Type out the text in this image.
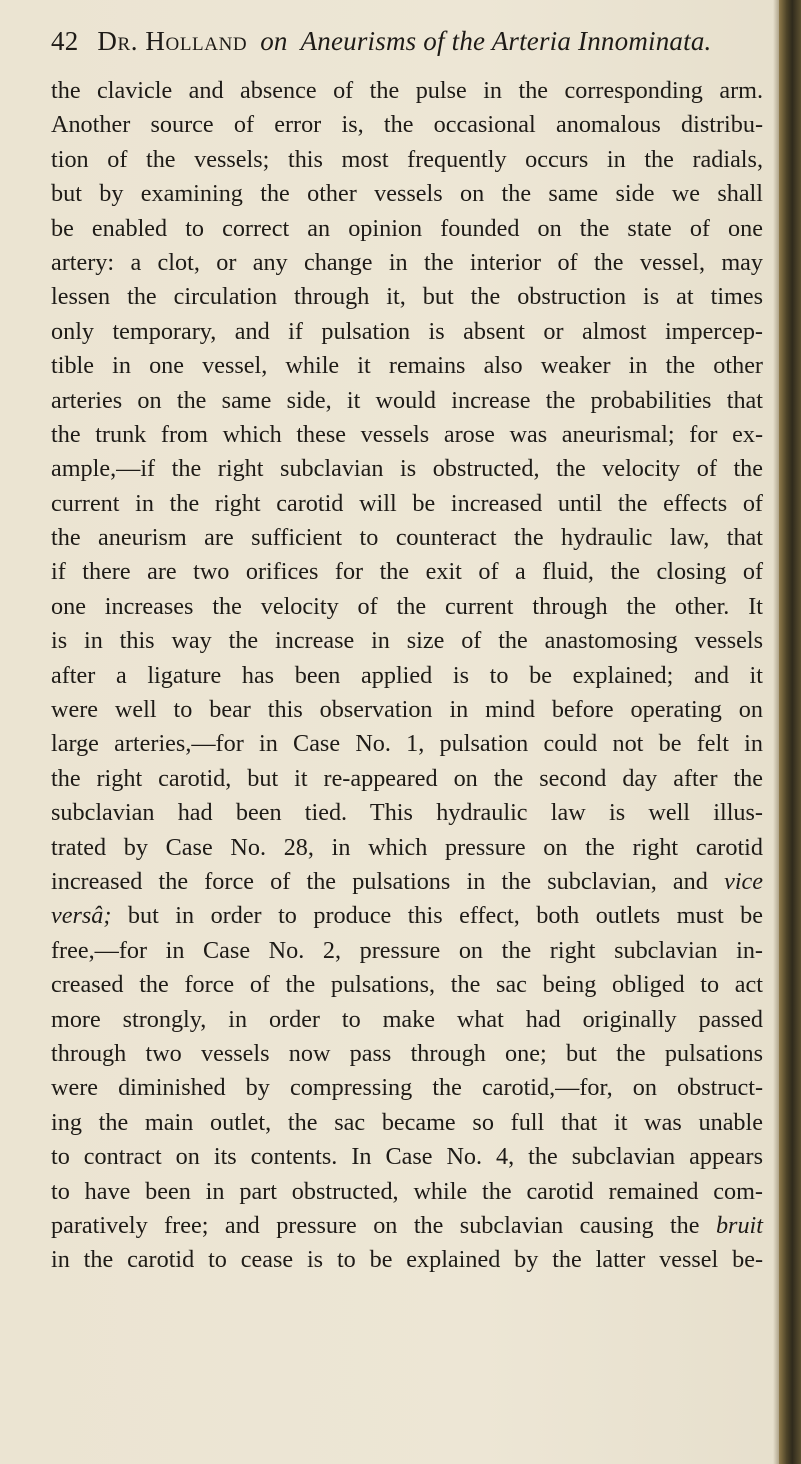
42 Dr. Holland on Aneurisms of the Arteria Innominata.
the clavicle and absence of the pulse in the corresponding arm.
Another source of error is, the occasional anomalous distribu-
tion of the vessels; this most frequently occurs in the radials,
but by examining the other vessels on the same side we shall
be enabled to correct an opinion founded on the state of one
artery: a clot, or any change in the interior of the vessel, may
lessen the circulation through it, but the obstruction is at times
only temporary, and if pulsation is absent or almost impercep-
tible in one vessel, while it remains also weaker in the other
arteries on the same side, it would increase the probabilities that
the trunk from which these vessels arose was aneurismal; for ex-
ample,—if the right subclavian is obstructed, the velocity of the
current in the right carotid will be increased until the effects of
the aneurism are sufficient to counteract the hydraulic law, that
if there are two orifices for the exit of a fluid, the closing of
one increases the velocity of the current through the other. It
is in this way the increase in size of the anastomosing vessels
after a ligature has been applied is to be explained; and it
were well to bear this observation in mind before operating on
large arteries,—for in Case No. 1, pulsation could not be felt in
the right carotid, but it re-appeared on the second day after the
subclavian had been tied. This hydraulic law is well illus-
trated by Case No. 28, in which pressure on the right carotid
increased the force of the pulsations in the subclavian, and vice
versâ; but in order to produce this effect, both outlets must be
free,—for in Case No. 2, pressure on the right subclavian in-
creased the force of the pulsations, the sac being obliged to act
more strongly, in order to make what had originally passed
through two vessels now pass through one; but the pulsations
were diminished by compressing the carotid,—for, on obstruct-
ing the main outlet, the sac became so full that it was unable
to contract on its contents. In Case No. 4, the subclavian appears
to have been in part obstructed, while the carotid remained com-
paratively free; and pressure on the subclavian causing the bruit
in the carotid to cease is to be explained by the latter vessel be-
